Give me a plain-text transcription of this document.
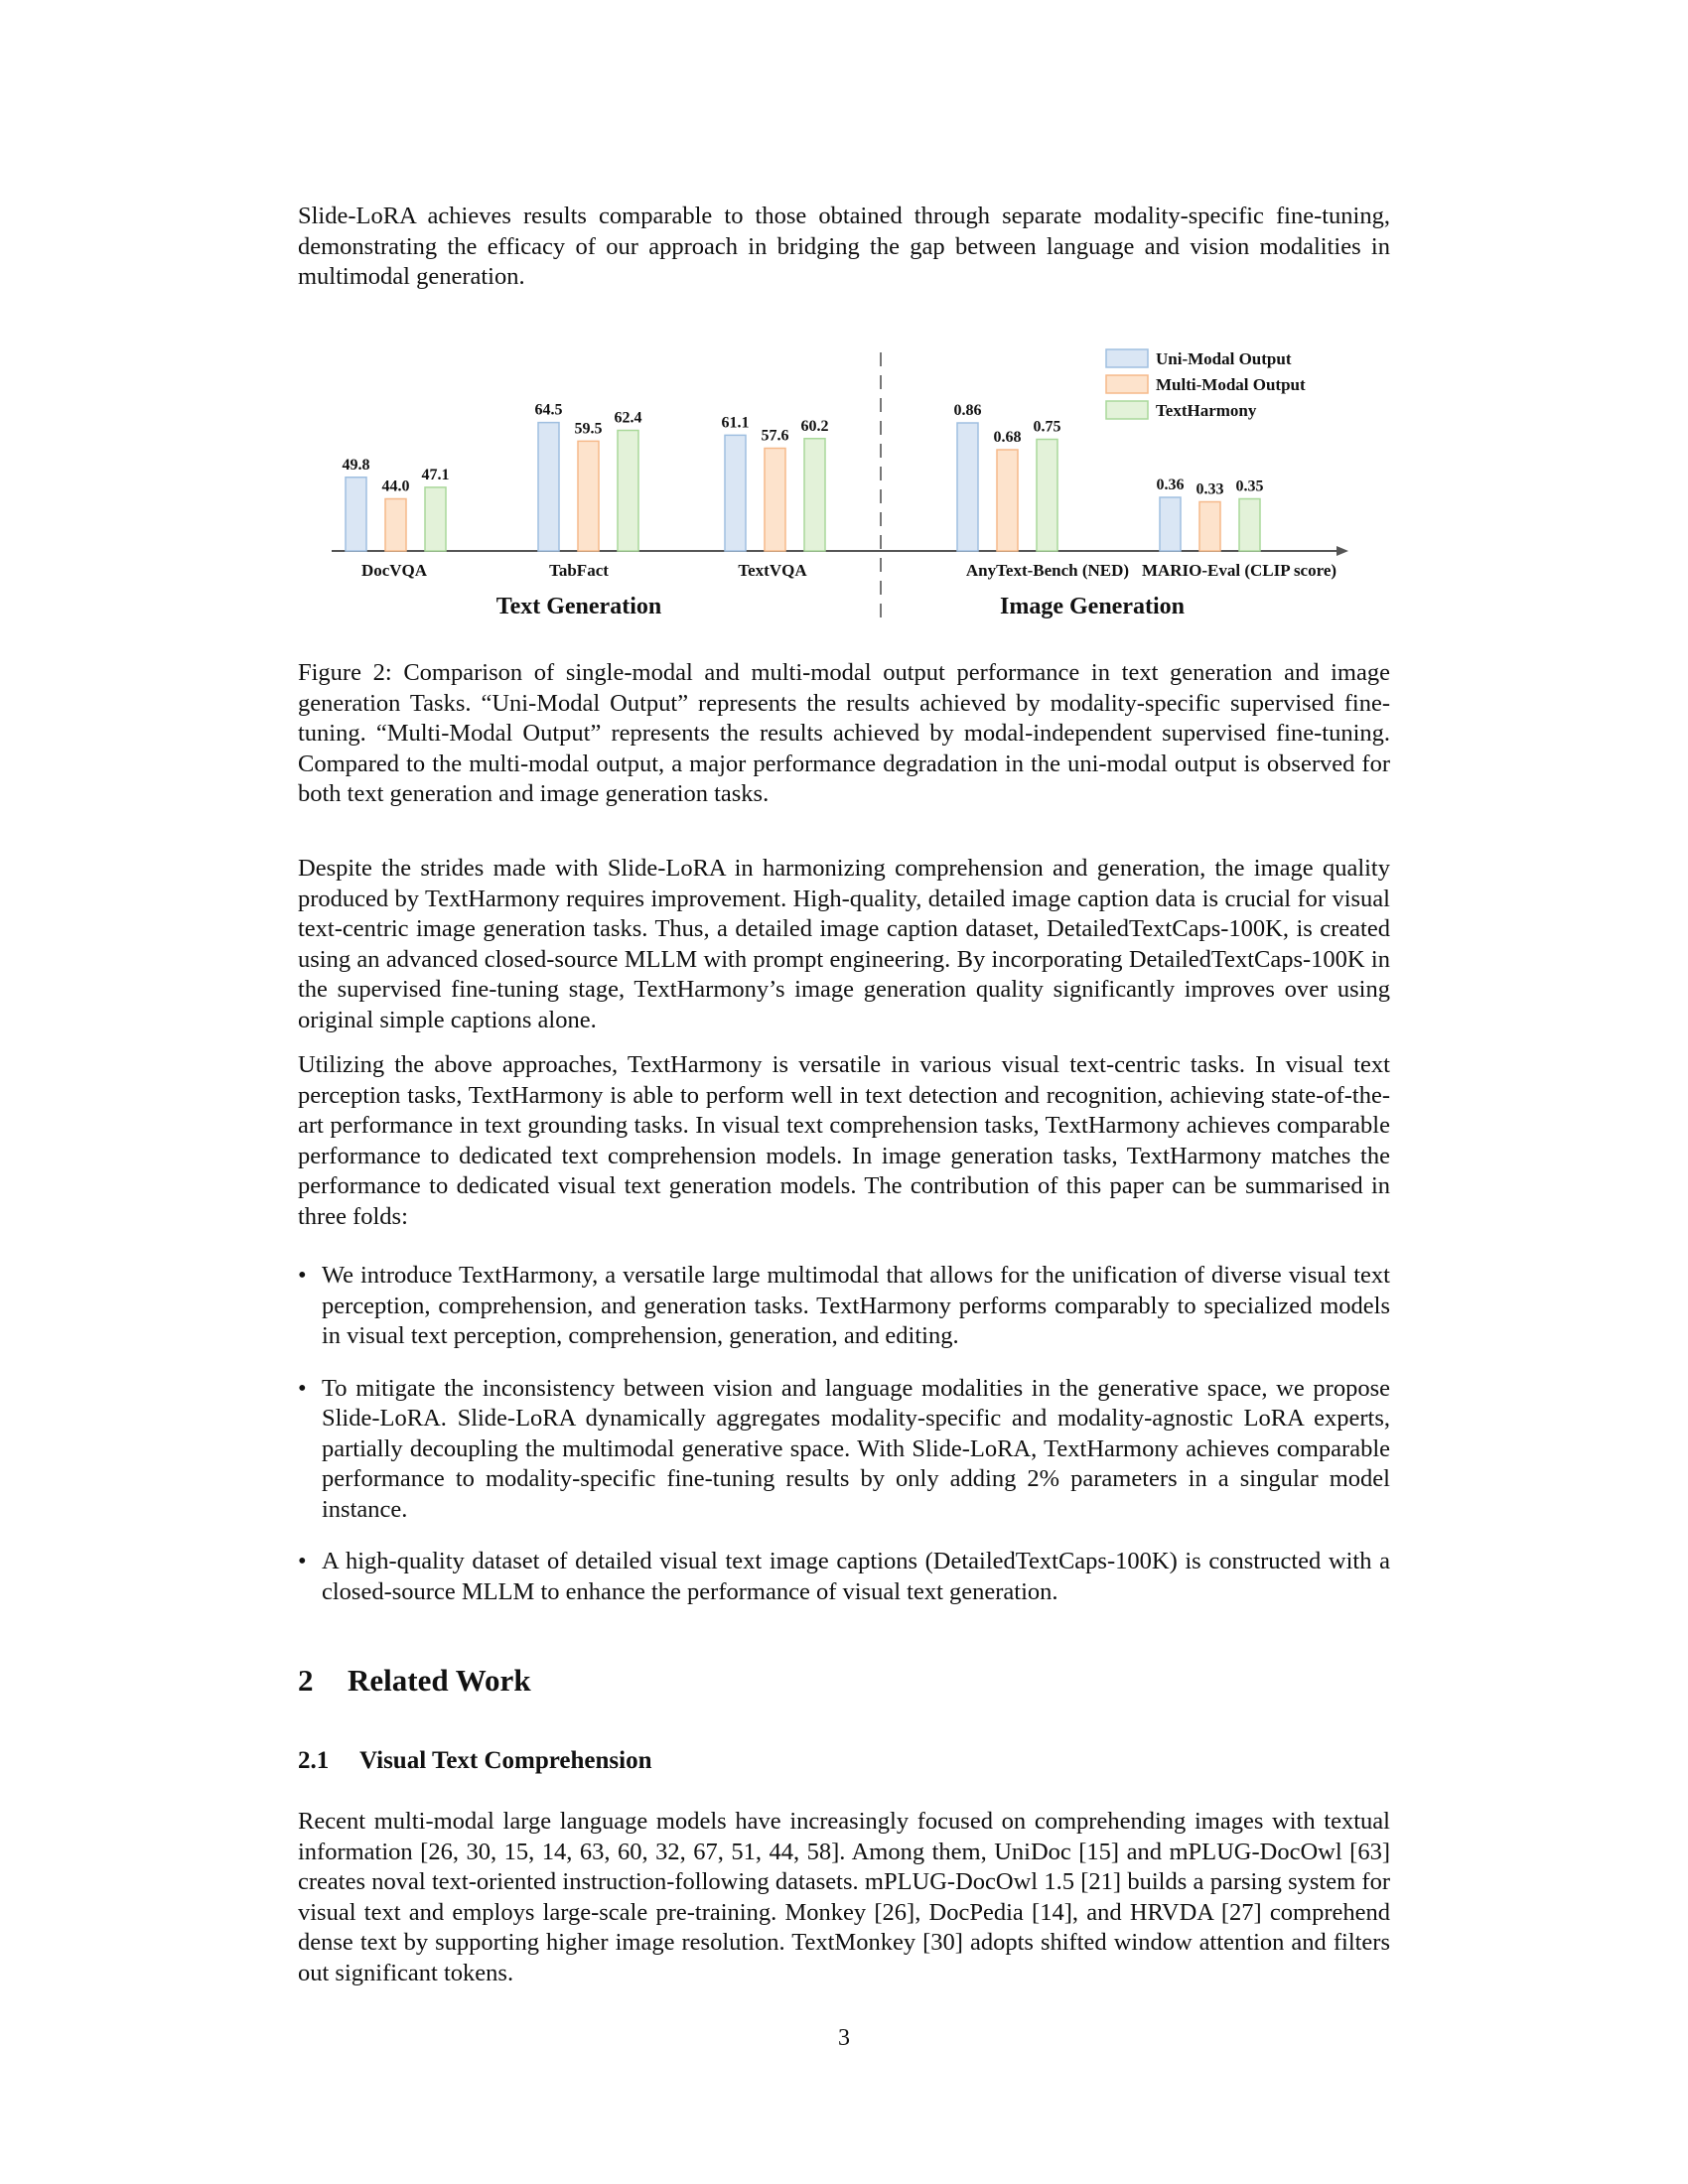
Slide-LoRA achieves results comparable to those obtained through separate modality-specific fine-tuning, demonstrating the efficacy of our approach in bridging the gap between language and vision modalities in multimodal generation.

49.8
44.0
47.1
DocVQA
64.5
59.5
62.4
TabFact
61.1
57.6
60.2
TextVQA
Text Generation
0.86
0.68
0.75
AnyText-Bench (NED)
0.36 0.33 0.35
MARIO-Eval (CLIP score)
Image Generation
Uni-Modal Output
Multi-Modal Output
TextHarmony

Figure 2: Comparison of single-modal and multi-modal output performance in text generation and image generation Tasks. “Uni-Modal Output” represents the results achieved by modality-specific supervised fine-tuning. “Multi-Modal Output” represents the results achieved by modal-independent supervised fine-tuning. Compared to the multi-modal output, a major performance degradation in the uni-modal output is observed for both text generation and image generation tasks.

Despite the strides made with Slide-LoRA in harmonizing comprehension and generation, the image quality produced by TextHarmony requires improvement. High-quality, detailed image caption data is crucial for visual text-centric image generation tasks. Thus, a detailed image caption dataset, DetailedTextCaps-100K, is created using an advanced closed-source MLLM with prompt engineering. By incorporating DetailedTextCaps-100K in the supervised fine-tuning stage, TextHarmony’s image generation quality significantly improves over using original simple captions alone.

Utilizing the above approaches, TextHarmony is versatile in various visual text-centric tasks. In visual text perception tasks, TextHarmony is able to perform well in text detection and recognition, achieving state-of-the-art performance in text grounding tasks. In visual text comprehension tasks, TextHarmony achieves comparable performance to dedicated text comprehension models. In image generation tasks, TextHarmony matches the performance to dedicated visual text generation models. The contribution of this paper can be summarised in three folds:

• We introduce TextHarmony, a versatile large multimodal that allows for the unification of diverse visual text perception, comprehension, and generation tasks. TextHarmony performs comparably to specialized models in visual text perception, comprehension, generation, and editing.
• To mitigate the inconsistency between vision and language modalities in the generative space, we propose Slide-LoRA. Slide-LoRA dynamically aggregates modality-specific and modality-agnostic LoRA experts, partially decoupling the multimodal generative space. With Slide-LoRA, TextHarmony achieves comparable performance to modality-specific fine-tuning results by only adding 2% parameters in a singular model instance.
• A high-quality dataset of detailed visual text image captions (DetailedTextCaps-100K) is constructed with a closed-source MLLM to enhance the performance of visual text generation.
2 Related Work
2.1 Visual Text Comprehension

Recent multi-modal large language models have increasingly focused on comprehending images with textual information [26, 30, 15, 14, 63, 60, 32, 67, 51, 44, 58]. Among them, UniDoc [15] and mPLUG-DocOwl [63] creates noval text-oriented instruction-following datasets. mPLUG-DocOwl 1.5 [21] builds a parsing system for visual text and employs large-scale pre-training. Monkey [26], DocPedia [14], and HRVDA [27] comprehend dense text by supporting higher image resolution. TextMonkey [30] adopts shifted window attention and filters out significant tokens.

3
